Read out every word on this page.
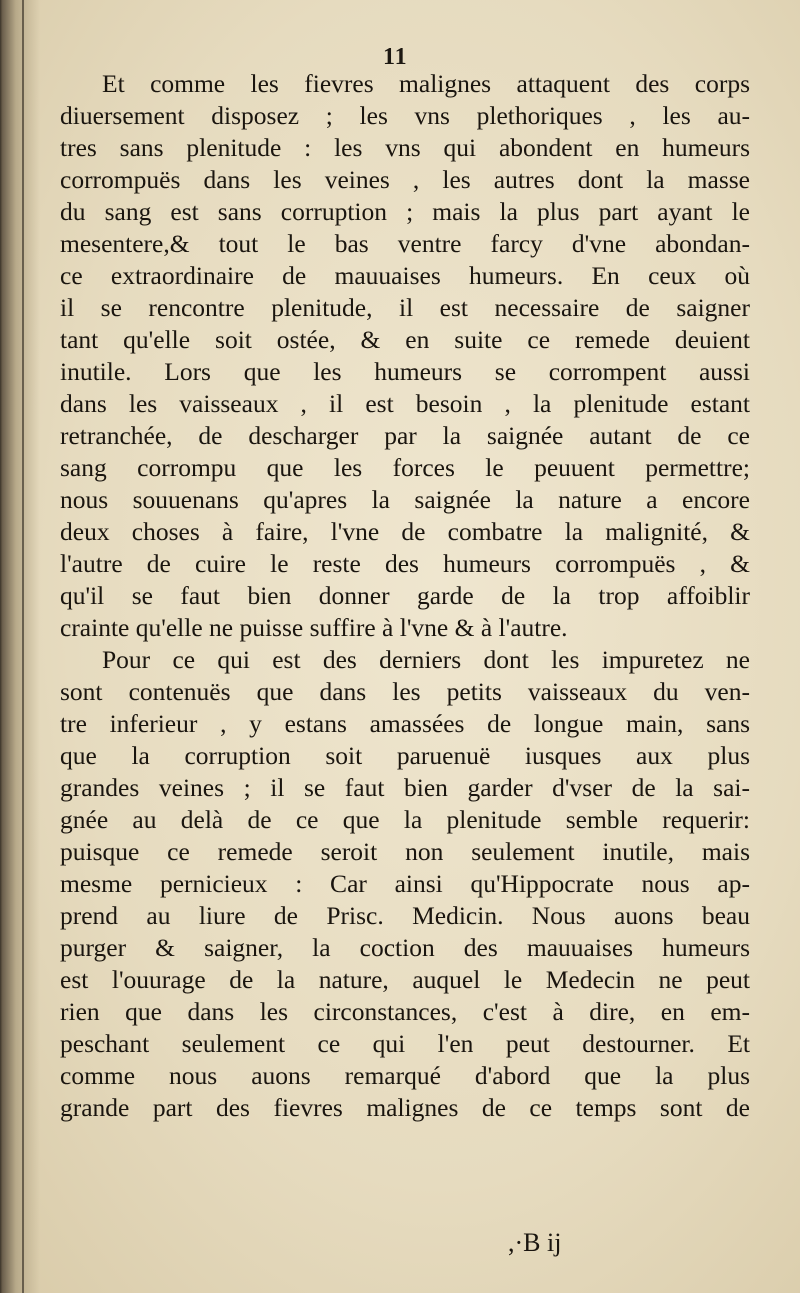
11
Et comme les fievres malignes attaquent des corps
diuersement disposez ; les vns plethoriques , les au-
tres sans plenitude : les vns qui abondent en humeurs
corrompuës dans les veines , les autres dont la masse
du sang est sans corruption ; mais la plus part ayant le
mesentere,& tout le bas ventre farcy d'vne abondan-
ce extraordinaire de mauuaises humeurs. En ceux où
il se rencontre plenitude, il est necessaire de saigner
tant qu'elle soit ostée, & en suite ce remede deuient
inutile. Lors que les humeurs se corrompent aussi
dans les vaisseaux , il est besoin , la plenitude estant
retranchée, de descharger par la saignée autant de ce
sang corrompu que les forces le peuuent permettre;
nous souuenans qu'apres la saignée la nature a encore
deux choses à faire, l'vne de combatre la malignité, &
l'autre de cuire le reste des humeurs corrompuës , &
qu'il se faut bien donner garde de la trop affoiblir
crainte qu'elle ne puisse suffire à l'vne & à l'autre.
Pour ce qui est des derniers dont les impuretez ne
sont contenuës que dans les petits vaisseaux du ven-
tre inferieur , y estans amassées de longue main, sans
que la corruption soit paruenuë iusques aux plus
grandes veines ; il se faut bien garder d'vser de la sai-
gnée au delà de ce que la plenitude semble requerir:
puisque ce remede seroit non seulement inutile, mais
mesme pernicieux : Car ainsi qu'Hippocrate nous ap-
prend au liure de Prisc. Medicin. Nous auons beau
purger & saigner, la coction des mauuaises humeurs
est l'ouurage de la nature, auquel le Medecin ne peut
rien que dans les circonstances, c'est à dire, en em-
peschant seulement ce qui l'en peut destourner. Et
comme nous auons remarqué d'abord que la plus
grande part des fievres malignes de ce temps sont de
,·B ij
